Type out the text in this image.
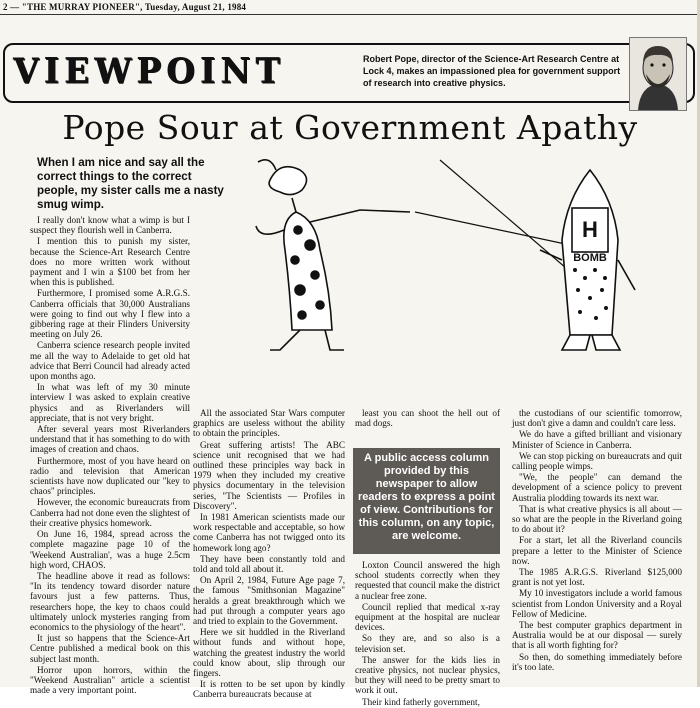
2 — "THE MURRAY PIONEER", Tuesday, August 21, 1984
VIEWPOINT	Robert Pope, director of the Science-Art Research Centre at Lock 4, makes an impassioned plea for government support of research into creative physics.
Pope Sour at Government Apathy
When I am nice and say all the correct things to the correct people, my sister calls me a nasty smug wimp.
H
BOMB

I really don't know what a wimp is but I suspect they flourish well in Canberra.

I mention this to punish my sister, because the Science-Art Research Centre does no more written work without payment and I win a $100 bet from her when this is published.

Furthermore, I promised some A.R.G.S. Canberra officials that 30,000 Australians were going to find out why I flew into a gibbering rage at their Flinders University meeting on July 26.

Canberra science research people invited me all the way to Adelaide to get old hat advice that Berri Council had already acted upon months ago.

In what was left of my 30 minute interview I was asked to explain creative physics and as Riverlanders will appreciate, that is not very bright.

After several years most Riverlanders understand that it has something to do with images of creation and chaos.

Furthermore, most of you have heard on radio and television that American scientists have now duplicated our "key to chaos" principles.

However, the economic bureaucrats from Canberra had not done even the slightest of their creative physics homework.

On June 16, 1984, spread across the complete magazine page 10 of the 'Weekend Australian', was a huge 2.5cm high word, CHAOS.

The headline above it read as follows: "In its tendency toward disorder nature favours just a few patterns. Thus, researchers hope, the key to chaos could ultimately unlock mysteries ranging from economics to the physiology of the heart".

It just so happens that the Science-Art Centre published a medical book on this subject last month.

Horror upon horrors, within the "Weekend Australian" article a scientist made a very important point.

All the associated Star Wars computer graphics are useless without the ability to obtain the principles.

Great suffering artists! The ABC science unit recognised that we had outlined these principles way back in 1979 when they included my creative physics documentary in the television series, "The Scientists — Profiles in Discovery".

In 1981 American scientists made our work respectable and acceptable, so how come Canberra has not twigged onto its homework long ago?

They have been constantly told and told and told all about it.

On April 2, 1984, Future Age page 7, the famous "Smithsonian Magazine" heralds a great breakthrough which we had put through a computer years ago and tried to explain to the Government.

Here we sit huddled in the Riverland without funds and without hope, watching the greatest industry the world could know about, slip through our fingers.

It is rotten to be set upon by kindly Canberra bureaucrats because at

least you can shoot the hell out of mad dogs.

A public access column provided by this newspaper to allow readers to express a point of view. Contributions for this column, on any topic, are welcome.

Loxton Council answered the high school students correctly when they requested that council make the district a nuclear free zone.

Council replied that medical x-ray equipment at the hospital are nuclear devices.

So they are, and so also is a television set.

The answer for the kids lies in creative physics, not nuclear physics, but they will need to be pretty smart to work it out.

Their kind fatherly government,

the custodians of our scientific tomorrow, just don't give a damn and couldn't care less.

We do have a gifted brilliant and visionary Minister of Science in Canberra.

We can stop picking on bureaucrats and quit calling people wimps.

"We, the people" can demand the development of a science policy to prevent Australia plodding towards its next war.

That is what creative physics is all about — so what are the people in the Riverland going to do about it?

For a start, let all the Riverland councils prepare a letter to the Minister of Science now.

The 1985 A.R.G.S. Riverland $125,000 grant is not yet lost.

My 10 investigators include a world famous scientist from London University and a Royal Fellow of Medicine.

The best computer graphics department in Australia would be at our disposal — surely that is all worth fighting for?

So then, do something immediately before it's too late.
